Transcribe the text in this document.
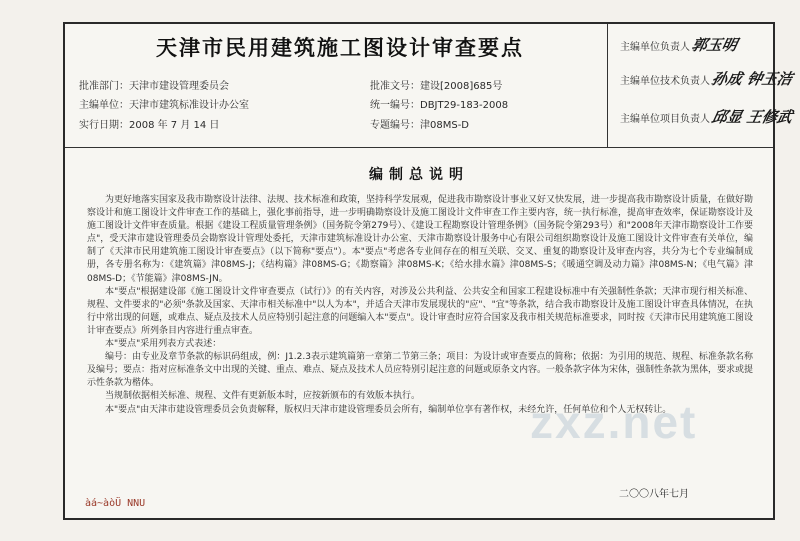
天津市民用建筑施工图设计审查要点
批准部门：天津市建设管理委员会
主编单位：天津市建筑标准设计办公室
实行日期：2008 年 7 月 14 日
批准文号：建设[2008]685号
统一编号：DBJT29-183-2008
专题编号：津08MS-D
主编单位负责人郭玉明
主编单位技术负责人孙成 钟玉洁
主编单位项目负责人邱显 王修武
编制总说明

为更好地落实国家及我市勘察设计法律、法规、技术标准和政策，坚持科学发展观，促进我市勘察设计事业又好又快发展，进一步提高我市勘察设计质量，在做好勘察设计和施工图设计文件审查工作的基础上，强化事前指导，进一步明确勘察设计及施工图设计文件审查工作主要内容，统一执行标准，提高审查效率，保证勘察设计及施工图设计文件审查质量。根据《建设工程质量管理条例》（国务院令第279号）、《建设工程勘察设计管理条例》（国务院令第293号）和"2008年天津市勘察设计工作要点"，受天津市建设管理委员会勘察设计管理处委托，天津市建筑标准设计办公室、天津市勘察设计服务中心有限公司组织勘察设计及施工图设计文件审查有关单位，编制了《天津市民用建筑施工图设计审查要点》（以下简称"要点"）。本"要点"考虑各专业间存在的相互关联、交叉、重复的勘察设计及审查内容，共分为七个专业编制成册，各专册名称为：《建筑篇》津08MS-J；《结构篇》津08MS-G；《勘察篇》津08MS-K；《给水排水篇》津08MS-S；《暖通空调及动力篇》津08MS-N；《电气篇》津08MS-D；《节能篇》津08MS-JN。

本"要点"根据建设部《施工图设计文件审查要点（试行）》的有关内容，对涉及公共利益、公共安全和国家工程建设标准中有关强制性条款；天津市现行相关标准、规程、文件要求的"必须"条款及国家、天津市相关标准中"以人为本"，并适合天津市发展现状的"应"、"宜"等条款，结合我市勘察设计及施工图设计审查具体情况，在执行中常出现的问题，或难点、疑点及技术人员应特别引起注意的问题编入本"要点"。设计审查时应符合国家及我市相关规范标准要求，同时按《天津市民用建筑施工图设计审查要点》所列条目内容进行重点审查。

本"要点"采用列表方式表述：

编号：由专业及章节条款的标识码组成，例：J1.2.3表示建筑篇第一章第二节第三条；项目：为设计或审查要点的简称；依据：为引用的规范、规程、标准条款名称及编号；要点：指对应标准条文中出现的关键、重点、难点、疑点及技术人员应特别引起注意的问题或原条文内容。一般条款字体为宋体，强制性条款为黑体，要求或提示性条款为楷体。

当规制依据相关标准、规程、文件有更新版本时，应按新颁布的有效版本执行。

本"要点"由天津市建设管理委员会负责解释，版权归天津市建设管理委员会所有，编制单位享有著作权，未经允许，任何单位和个人无权转让。

二〇〇八年七月
àá~àòÜ NNU
zxz.net
